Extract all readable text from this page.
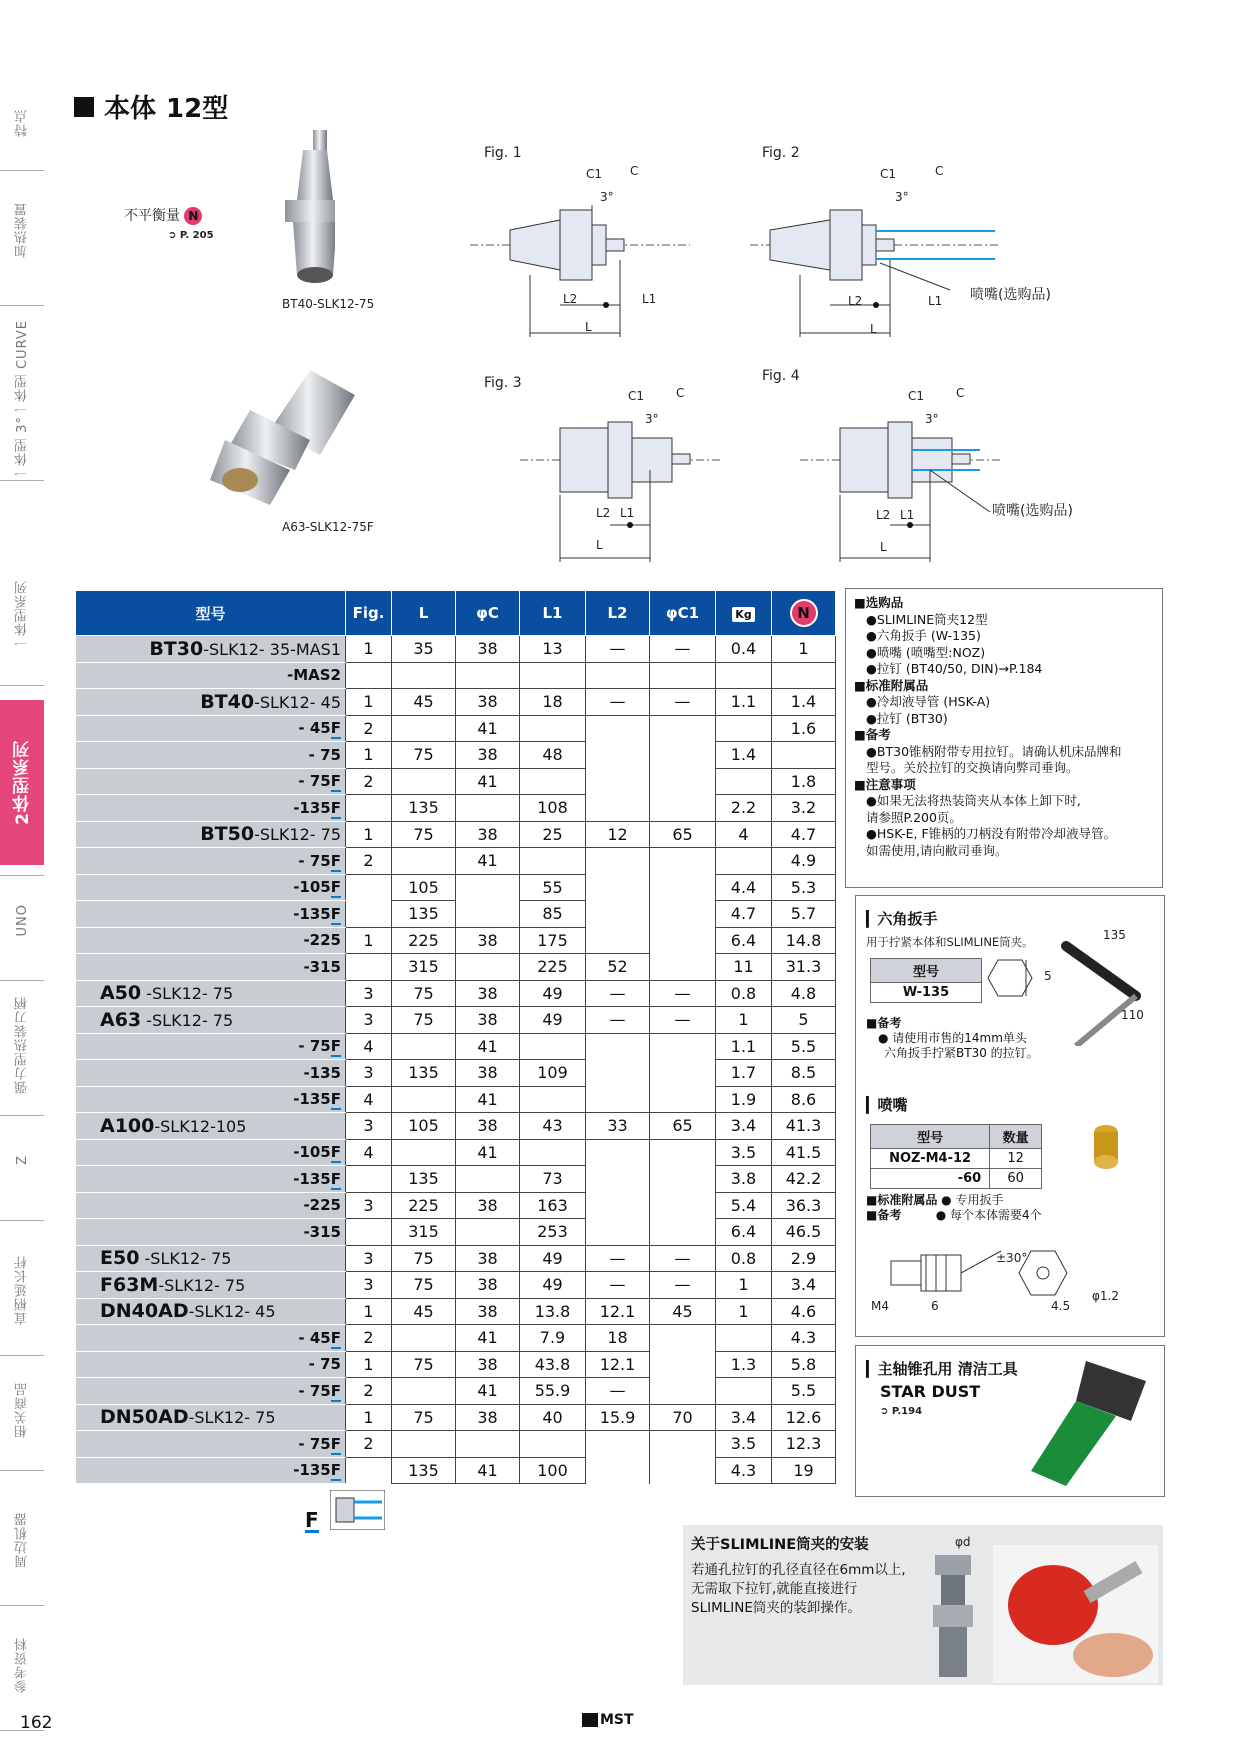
特点
加热装置
一体型 3°一体型 CURVE
一体型系列
2体型系列
UNO
强力型热装刀柄
Z
直柄延长杆
相关商品
周边机器
参考资料
本体 12型
不平衡量 N
➲ P. 205
BT40-SLK12-75
A63-SLK12-75F
Fig. 1	Fig. 2
Fig. 3	Fig. 4
C1 C
3°
L2	L1
L
C1	C
3°
L2	L1
L
喷嘴(选购品)
C1	C
3°
L2 L1
L
C1	C
3°
L2 L1
L
喷嘴(选购品)
型号	Fig.	L	φC	L1	L2	φC1	Kg	N
BT30-SLK12- 35-MAS1	1	35	38	13	—	—	0.4	1
-MAS2								
BT40-SLK12- 45	1	45	38	18	—	—	1.1	1.4
- 45F	2		41					1.6
- 75	1	75	38	48			1.4	
- 75F	2		41					1.8
-135F		135		108			2.2	3.2
BT50-SLK12- 75	1	75	38	25	12	65	4	4.7
- 75F	2		41					4.9
-105F		105		55			4.4	5.3
-135F		135		85			4.7	5.7
-225	1	225	38	175			6.4	14.8
-315		315		225	52		11	31.3
A50 -SLK12- 75	3	75	38	49	—	—	0.8	4.8
A63 -SLK12- 75	3	75	38	49	—	—	1	5
- 75F	4		41				1.1	5.5
-135	3	135	38	109			1.7	8.5
-135F	4		41				1.9	8.6
A100-SLK12-105	3	105	38	43	33	65	3.4	41.3
-105F	4		41				3.5	41.5
-135F		135		73			3.8	42.2
-225	3	225	38	163			5.4	36.3
-315		315		253			6.4	46.5
E50 -SLK12- 75	3	75	38	49	—	—	0.8	2.9
F63M-SLK12- 75	3	75	38	49	—	—	1	3.4
DN40AD-SLK12- 45	1	45	38	13.8	12.1	45	1	4.6
- 45F	2		41	7.9	18			4.3
- 75	1	75	38	43.8	12.1		1.3	5.8
- 75F	2		41	55.9	—			5.5
DN50AD-SLK12- 75	1	75	38	40	15.9	70	3.4	12.6
- 75F	2						3.5	12.3
-135F		135	41	100			4.3	19
F
■选购品
●SLIMLINE筒夹12型
●六角扳手 (W-135)
●喷嘴 (喷嘴型:NOZ)
●拉钉 (BT40/50, DIN)→P.184
■标准附属品
●冷却液导管 (HSK-A)
●拉钉 (BT30)
■备考
●BT30锥柄附带专用拉钉。请确认机床品牌和
型号。关於拉钉的交换请向弊司垂询。
■注意事项
●如果无法将热装筒夹从本体上卸下时,
请参照P.200页。
●HSK-E, F锥柄的刀柄没有附带冷却液导管。
如需使用,请向敝司垂询。
▎六角扳手
用于拧紧本体和SLIMLINE筒夹。
型号
W-135
5
135
110
■备考
● 请使用市售的14mm单头
六角扳手拧紧BT30 的拉钉。
▎喷嘴
型号	数量
NOZ-M4-12	12
-60	60
■标准附属品 ● 专用扳手
■备考	● 每个本体需要4个
M4	6
±30°
4.5
φ1.2
▎主轴锥孔用 清洁工具
STAR DUST
➲ P.194
关于SLIMLINE筒夹的安装
若通孔拉钉的孔径直径在6mm以上,
无需取下拉钉,就能直接进行
SLIMLINE筒夹的装卸操作。
φd
162	MST
